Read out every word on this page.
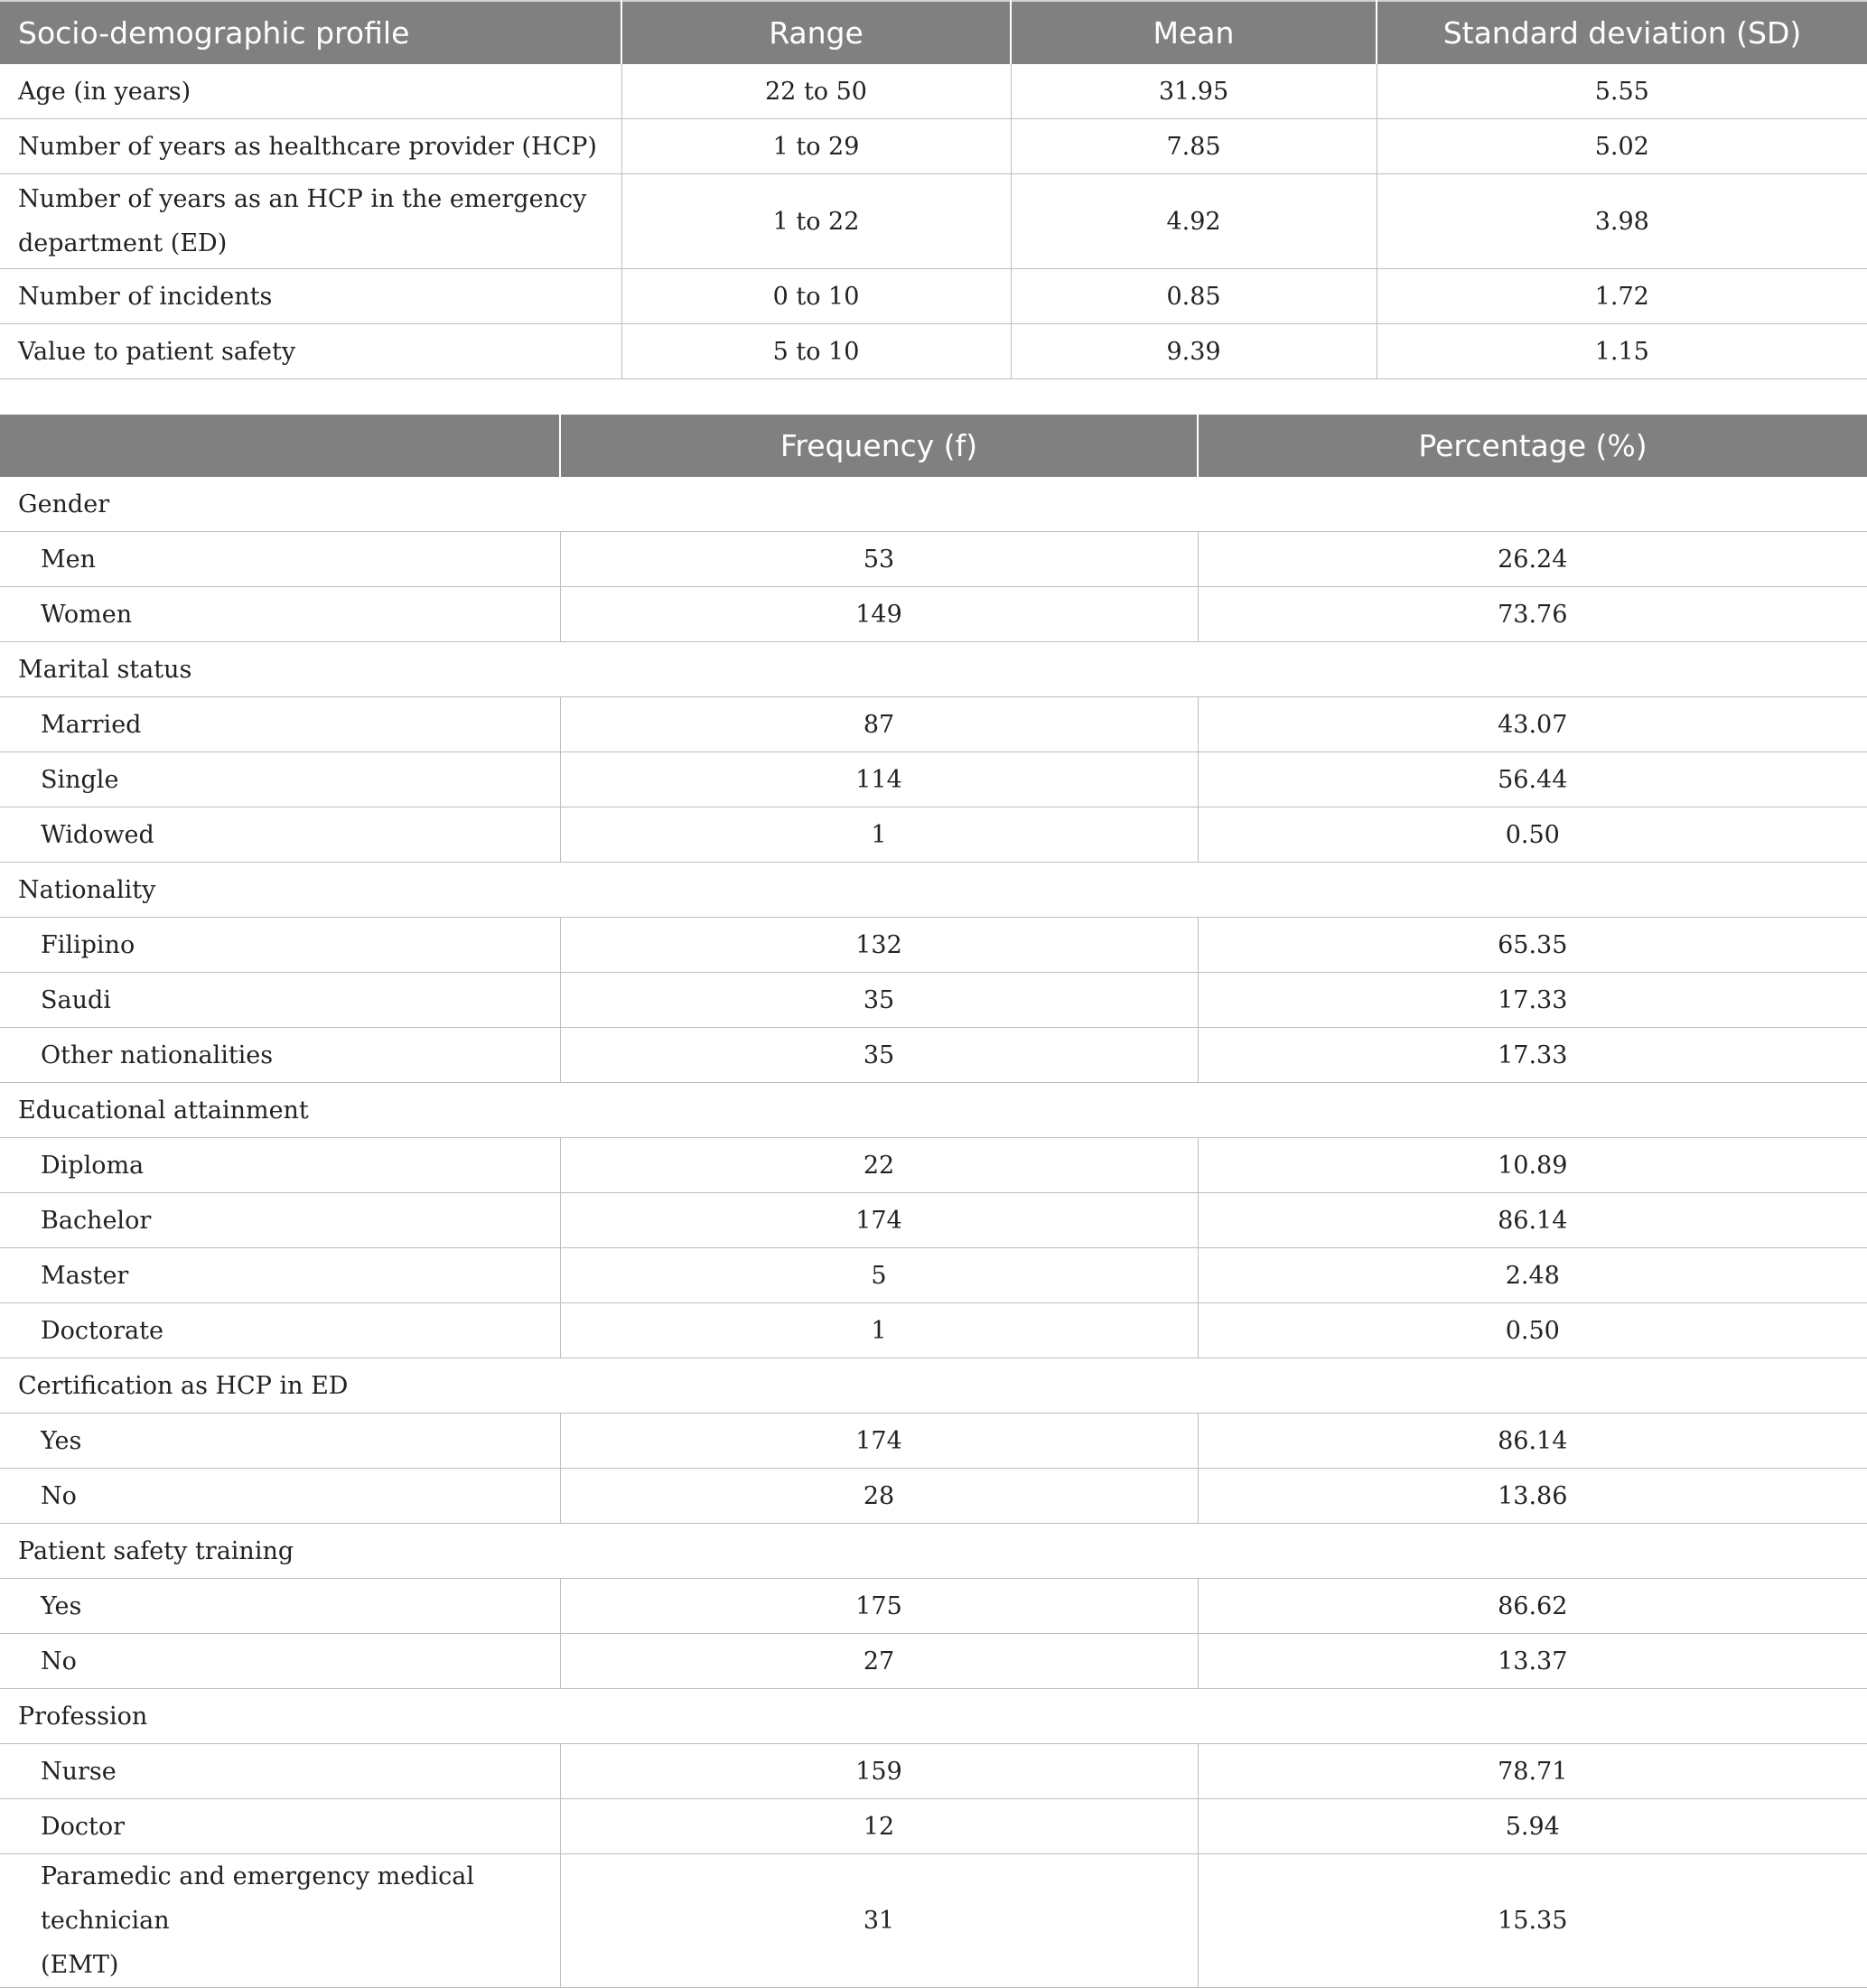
Socio-demographic profile	Range	Mean	Standard deviation (SD)
Age (in years)	22 to 50	31.95	5.55
Number of years as healthcare provider (HCP)	1 to 29	7.85	5.02
Number of years as an HCP in the emergency
department (ED)	1 to 22	4.92	3.98
Number of incidents	0 to 10	0.85	1.72
Value to patient safety	5 to 10	9.39	1.15
	Frequency (f)	Percentage (%)
Gender		
Men	53	26.24
Women	149	73.76
Marital status		
Married	87	43.07
Single	114	56.44
Widowed	1	0.50
Nationality		
Filipino	132	65.35
Saudi	35	17.33
Other nationalities	35	17.33
Educational attainment		
Diploma	22	10.89
Bachelor	174	86.14
Master	5	2.48
Doctorate	1	0.50
Certification as HCP in ED		
Yes	174	86.14
No	28	13.86
Patient safety training		
Yes	175	86.62
No	27	13.37
Profession		
Nurse	159	78.71
Doctor	12	5.94
Paramedic and emergency medical technician
(EMT)	31	15.35
